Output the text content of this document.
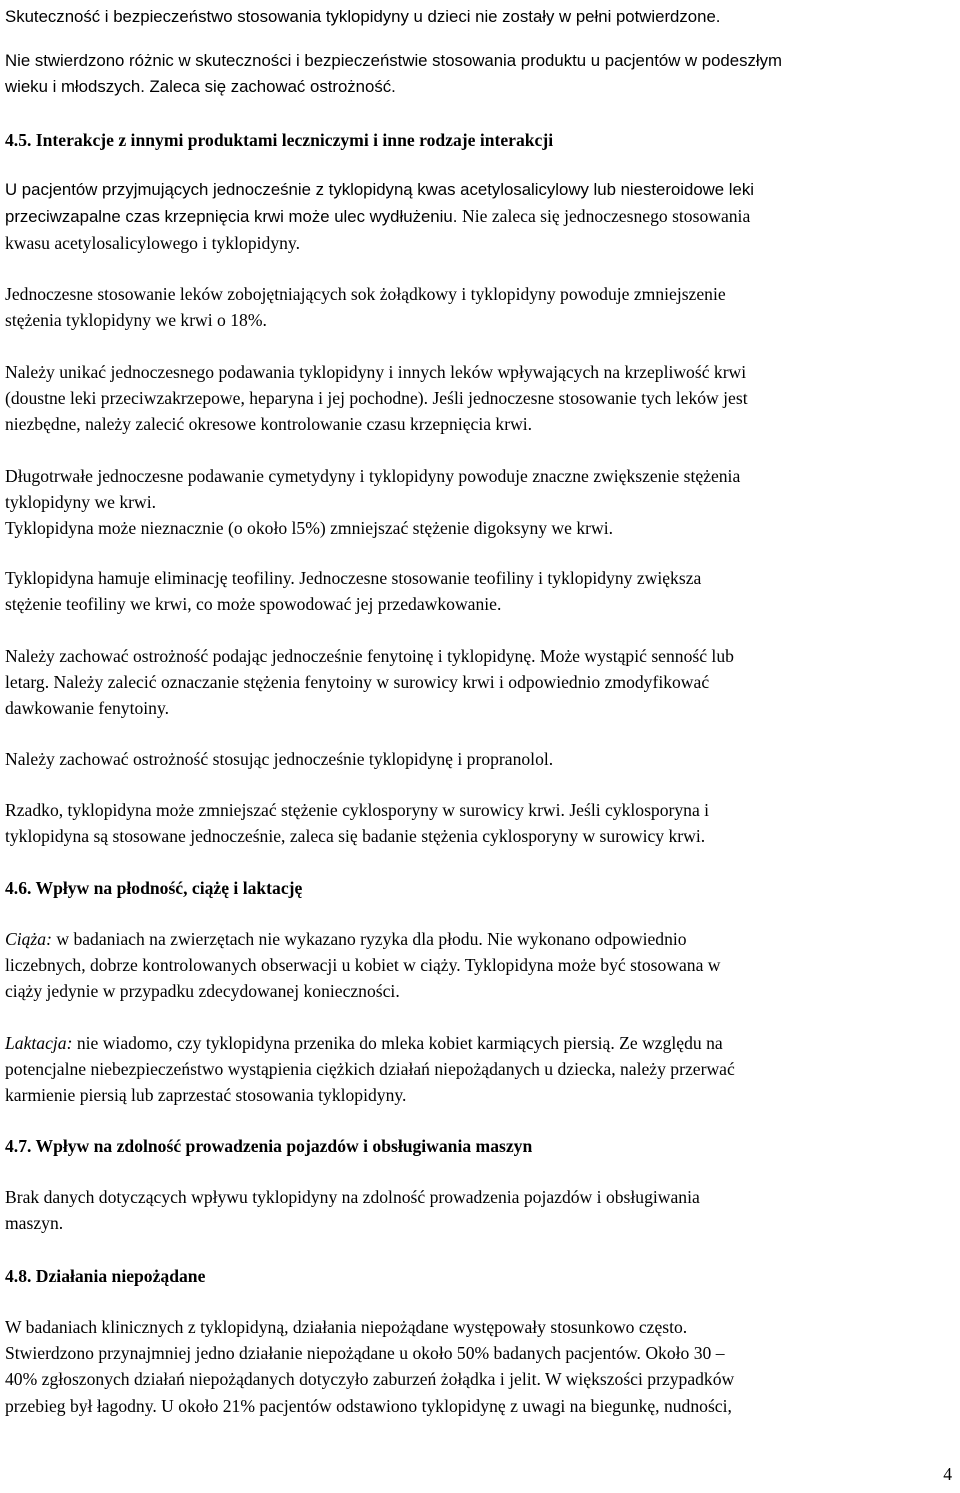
Skuteczność i bezpieczeństwo stosowania tyklopidyny u dzieci nie zostały w pełni potwierdzone.
Nie stwierdzono różnic w skuteczności i bezpieczeństwie stosowania produktu u pacjentów w podeszłym
wieku i młodszych. Zaleca się zachować ostrożność.
4.5. Interakcje z innymi produktami leczniczymi i inne rodzaje interakcji
U pacjentów przyjmujących jednocześnie z tyklopidyną kwas acetylosalicylowy lub niesteroidowe leki
przeciwzapalne czas krzepnięcia krwi może ulec wydłużeniu. Nie zaleca się jednoczesnego stosowania
kwasu acetylosalicylowego i tyklopidyny.
Jednoczesne stosowanie leków zobojętniających sok żołądkowy i tyklopidyny powoduje zmniejszenie
stężenia tyklopidyny we krwi o 18%.
Należy unikać jednoczesnego podawania tyklopidyny i innych leków wpływających na krzepliwość krwi
(doustne leki przeciwzakrzepowe, heparyna i jej pochodne). Jeśli jednoczesne stosowanie tych leków jest
niezbędne, należy zalecić okresowe kontrolowanie czasu krzepnięcia krwi.
Długotrwałe jednoczesne podawanie cymetydyny i tyklopidyny powoduje znaczne zwiększenie stężenia
tyklopidyny we krwi.
Tyklopidyna może nieznacznie (o około l5%) zmniejszać stężenie digoksyny we krwi.
Tyklopidyna hamuje eliminację teofiliny. Jednoczesne stosowanie teofiliny i tyklopidyny zwiększa
stężenie teofiliny we krwi, co może spowodować jej przedawkowanie.
Należy zachować ostrożność podając jednocześnie fenytoinę i tyklopidynę. Może wystąpić senność lub
letarg. Należy zalecić oznaczanie stężenia fenytoiny w surowicy krwi i odpowiednio zmodyfikować
dawkowanie fenytoiny.
Należy zachować ostrożność stosując jednocześnie tyklopidynę i propranolol.
Rzadko, tyklopidyna może zmniejszać stężenie cyklosporyny w surowicy krwi. Jeśli cyklosporyna i
tyklopidyna są stosowane jednocześnie, zaleca się badanie stężenia cyklosporyny w surowicy krwi.
4.6. Wpływ na płodność, ciążę i laktację
Ciąża: w badaniach na zwierzętach nie wykazano ryzyka dla płodu. Nie wykonano odpowiednio
liczebnych, dobrze kontrolowanych obserwacji u kobiet w ciąży. Tyklopidyna może być stosowana w
ciąży jedynie w przypadku zdecydowanej konieczności.
Laktacja: nie wiadomo, czy tyklopidyna przenika do mleka kobiet karmiących piersią. Ze względu na
potencjalne niebezpieczeństwo wystąpienia ciężkich działań niepożądanych u dziecka, należy przerwać
karmienie piersią lub zaprzestać stosowania tyklopidyny.
4.7. Wpływ na zdolność prowadzenia pojazdów i obsługiwania maszyn
Brak danych dotyczących wpływu tyklopidyny na zdolność prowadzenia pojazdów i obsługiwania
maszyn.
4.8. Działania niepożądane
W badaniach klinicznych z tyklopidyną, działania niepożądane występowały stosunkowo często.
Stwierdzono przynajmniej jedno działanie niepożądane u około 50% badanych pacjentów. Około 30 –
40% zgłoszonych działań niepożądanych dotyczyło zaburzeń żołądka i jelit. W większości przypadków
przebieg był łagodny. U około 21% pacjentów odstawiono tyklopidynę z uwagi na biegunkę, nudności,
4
